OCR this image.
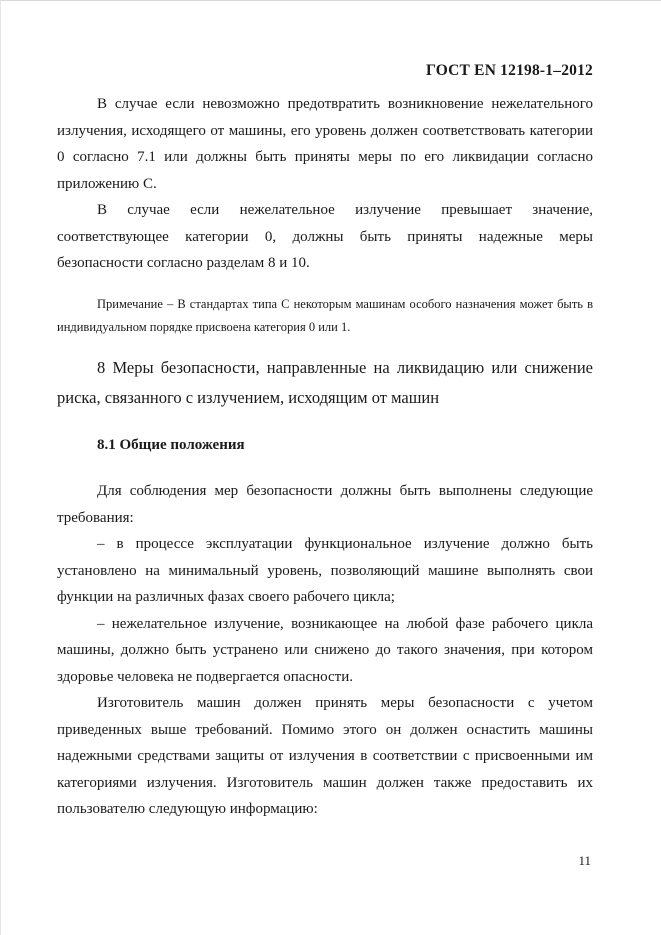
ГОСТ EN 12198-1–2012

В случае если невозможно предотвратить возникновение нежелательного излучения, исходящего от машины, его уровень должен соответствовать категории 0 согласно 7.1 или должны быть приняты меры по его ликвидации согласно приложению С.

В случае если нежелательное излучение превышает значение, соответствующее категории 0, должны быть приняты надежные меры безопасности согласно разделам 8 и 10.

Примечание – В стандартах типа С некоторым машинам особого назначения может быть в индивидуальном порядке присвоена категория 0 или 1.

8 Меры безопасности, направленные на ликвидацию или снижение риска, связанного с излучением, исходящим от машин

8.1 Общие положения

Для соблюдения мер безопасности должны быть выполнены следующие требования:

– в процессе эксплуатации функциональное излучение должно быть установлено на минимальный уровень, позволяющий машине выполнять свои функции на различных фазах своего рабочего цикла;

– нежелательное излучение, возникающее на любой фазе рабочего цикла машины, должно быть устранено или снижено до такого значения, при котором здоровье человека не подвергается опасности.

Изготовитель машин должен принять меры безопасности с учетом приведенных выше требований. Помимо этого он должен оснастить машины надежными средствами защиты от излучения в соответствии с присвоенными им категориями излучения. Изготовитель машин должен также предоставить их пользователю следующую информацию:

11
